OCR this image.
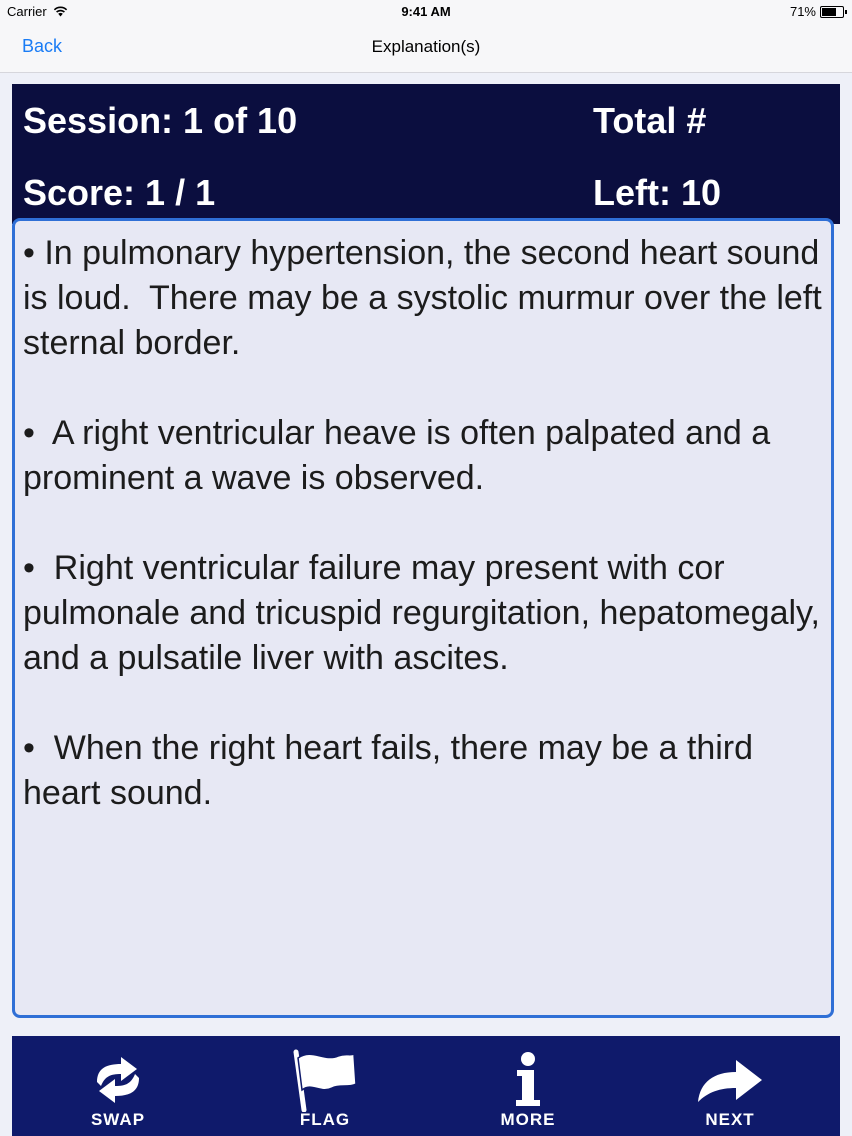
Carrier	9:41 AM	71%
Back	Explanation(s)
Session: 1 of 10	Total #
Score: 1 / 1	Left: 10

• In pulmonary hypertension, the second heart sound is loud.  There may be a systolic murmur over the left sternal border.

•  A right ventricular heave is often palpated and a prominent a wave is observed.

•  Right ventricular failure may present with cor pulmonale and tricuspid regurgitation, hepatomegaly, and a pulsatile liver with ascites.

•  When the right heart fails, there may be a third heart sound.

SWAP	FLAG	MORE	NEXT
